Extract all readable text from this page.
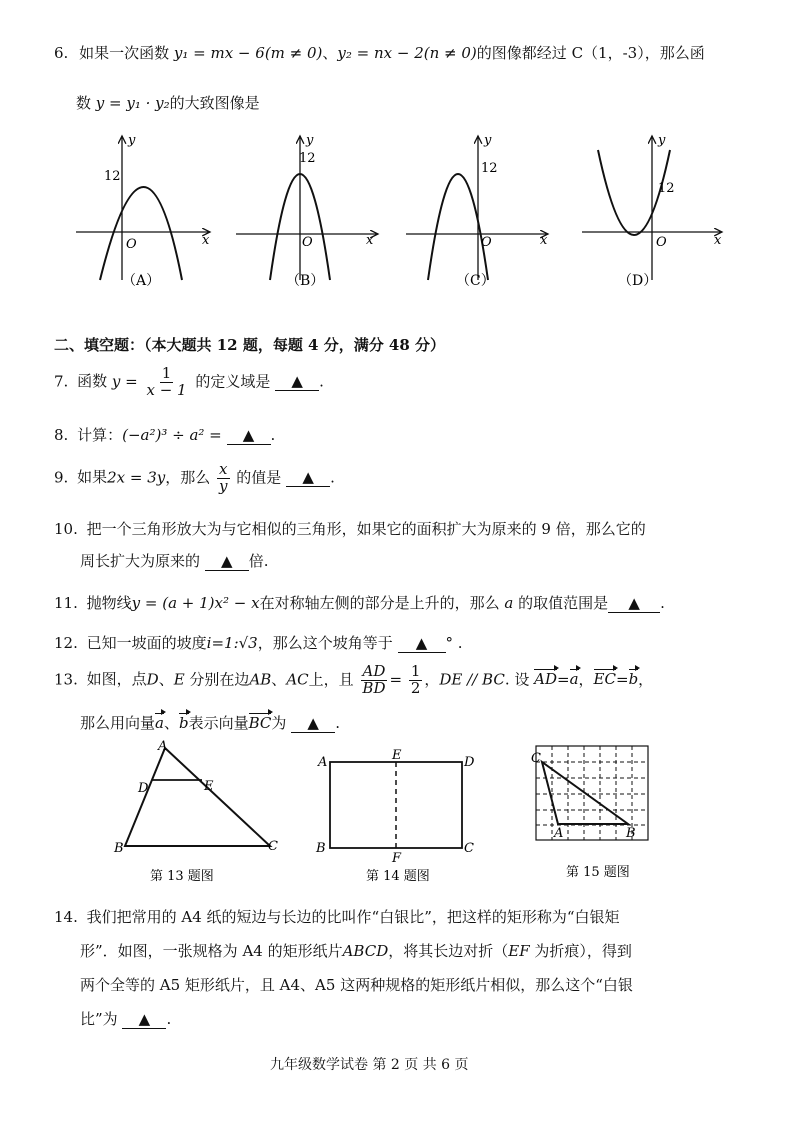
6. 如果一次函数 y₁ = mx − 6(m ≠ 0)、y₂ = nx − 2(n ≠ 0)的图像都经过 C（1，-3），那么函
数 y = y₁ · y₂的大致图像是
y
x
O
12
（A）
y
x
O
12
（B）
y
x
O
12
（C）
y
x
O
12
（D）
二、填空题：（本大题共 12 题，每题 4 分，满分 48 分）
7. 函数 $y = \frac{1}{x - 1}$ 的定义域是 ▲ .
8. 计算：(−a²)³ ÷ a² = ▲ .
9. 如果2x = 3y，那么 $\frac{x}{y}$ 的值是 ▲ .
10. 把一个三角形放大为与它相似的三角形，如果它的面积扩大为原来的 9 倍，那么它的
周长扩大为原来的 ▲ 倍.
11. 抛物线y = (a + 1)x² − x在对称轴左侧的部分是上升的，那么 a 的取值范围是 ▲ .
12. 已知一坡面的坡度i=1:√3，那么这个坡角等于 ▲ ° .
13. 如图，点D、E 分别在边AB、AC上，且 $\frac{AD}{BD} = \frac{1}{2}$ ，DE // BC. 设 AD=a，EC=b，
那么用向量a、b表示向量BC为 ▲ .
A
B	C
D	E
第 13 题图
A
B	C
D
E
F
第 14 题图
C
A	B
第 15 题图
14. 我们把常用的 A4 纸的短边与长边的比叫作“白银比”，把这样的矩形称为“白银矩
形”．如图，一张规格为 A4 的矩形纸片ABCD，将其长边对折（EF 为折痕），得到
两个全等的 A5 矩形纸片，且 A4、A5 这两种规格的矩形纸片相似，那么这个“白银
比”为 ▲ .
九年级数学试卷 第 2 页 共 6 页
